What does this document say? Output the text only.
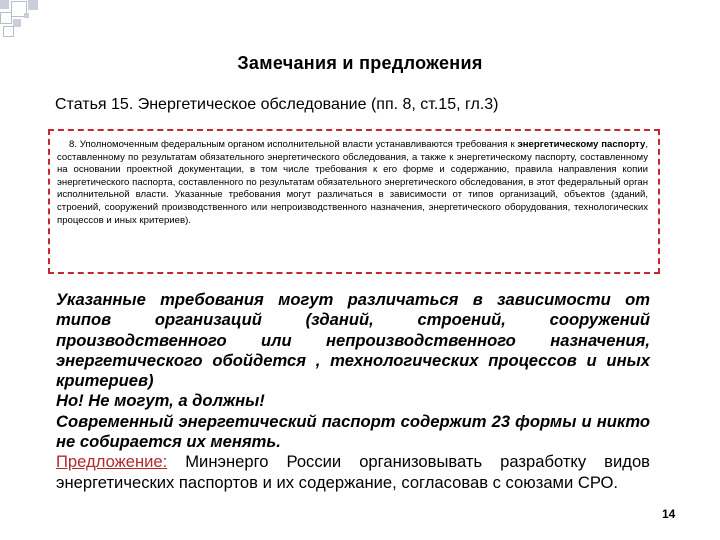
Замечания и предложения
Статья 15. Энергетическое обследование (пп. 8, ст.15, гл.3)

8. Уполномоченным федеральным органом исполнительной власти устанавливаются требования к энергетическому паспорту, составленному по результатам обязательного энергетического обследования, а также к энергетическому паспорту, составленному на основании проектной документации, в том числе требования к его форме и содержанию, правила направления копии энергетического паспорта, составленного по результатам обязательного энергетического обследования, в этот федеральный орган исполнительной власти. Указанные требования могут различаться в зависимости от типов организаций, объектов (зданий, строений, сооружений производственного или непроизводственного назначения, энергетического оборудования, технологических процессов и иных критериев).

Указанные требования могут различаться в зависимости от типов организаций (зданий, строений, сооружений производственного или непроизводственного назначения, энергетического обойдется , технологических процессов и иных критериев)

Но! Не могут, а должны!

Современный энергетический паспорт содержит 23 формы и никто не собирается их менять.

Предложение: Минэнерго России организовывать разработку видов энергетических паспортов и их содержание, согласовав с союзами СРО.

14
